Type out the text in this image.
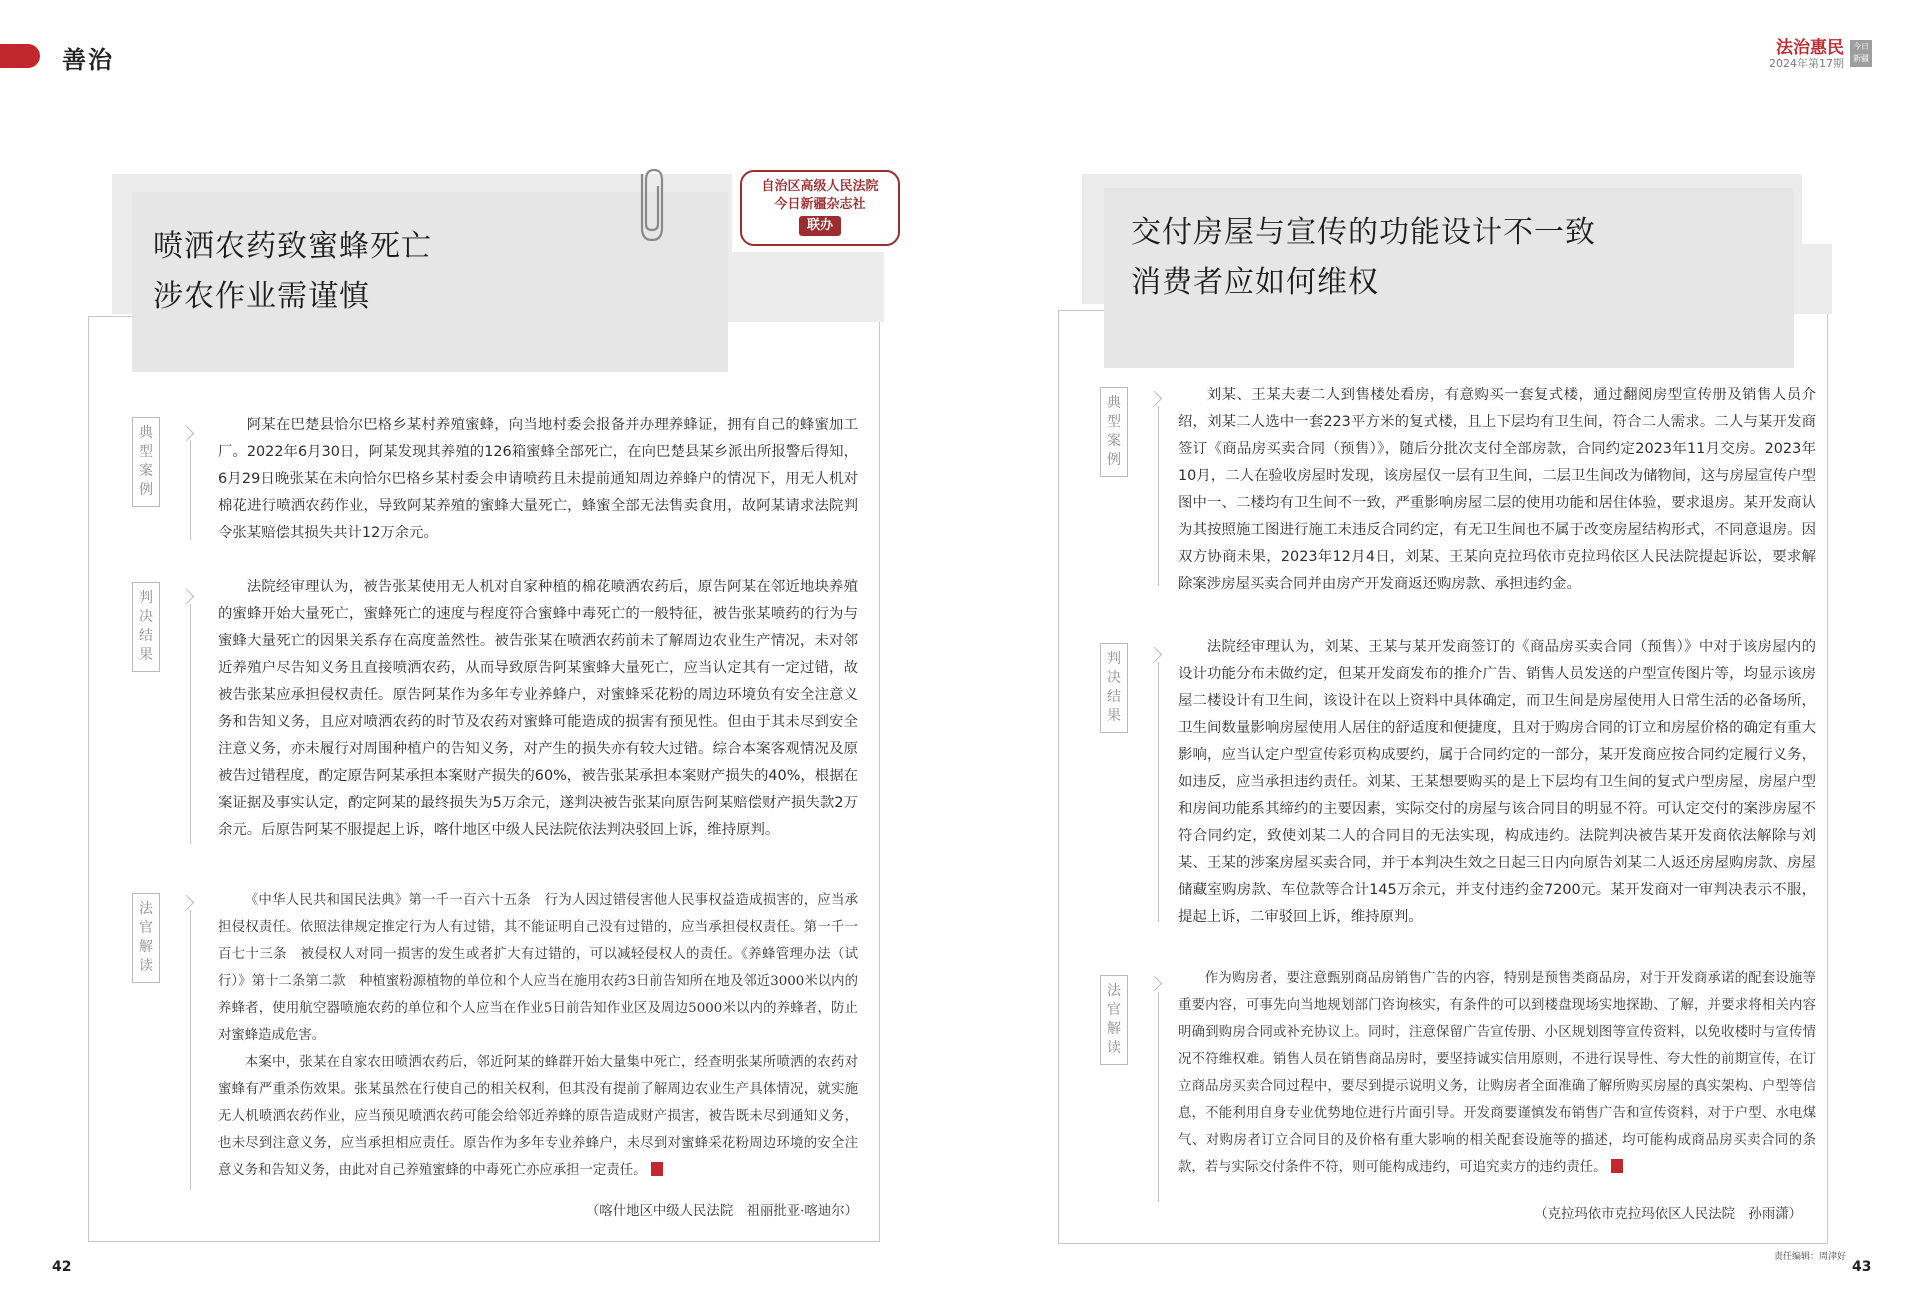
善治	法治惠民
2024年第17期
今日新疆
喷洒农药致蜜蜂死亡
涉农作业需谨慎
自治区高级人民法院
今日新疆杂志社
联办
典型案例
判决结果
法官解读

阿某在巴楚县恰尔巴格乡某村养殖蜜蜂，向当地村委会报备并办理养蜂证，拥有自己的蜂蜜加工厂。2022年6月30日，阿某发现其养殖的126箱蜜蜂全部死亡，在向巴楚县某乡派出所报警后得知，6月29日晚张某在未向恰尔巴格乡某村委会申请喷药且未提前通知周边养蜂户的情况下，用无人机对棉花进行喷洒农药作业，导致阿某养殖的蜜蜂大量死亡，蜂蜜全部无法售卖食用，故阿某请求法院判令张某赔偿其损失共计12万余元。

法院经审理认为，被告张某使用无人机对自家种植的棉花喷洒农药后，原告阿某在邻近地块养殖的蜜蜂开始大量死亡，蜜蜂死亡的速度与程度符合蜜蜂中毒死亡的一般特征，被告张某喷药的行为与蜜蜂大量死亡的因果关系存在高度盖然性。被告张某在喷洒农药前未了解周边农业生产情况，未对邻近养殖户尽告知义务且直接喷洒农药，从而导致原告阿某蜜蜂大量死亡，应当认定其有一定过错，故被告张某应承担侵权责任。原告阿某作为多年专业养蜂户，对蜜蜂采花粉的周边环境负有安全注意义务和告知义务，且应对喷洒农药的时节及农药对蜜蜂可能造成的损害有预见性。但由于其未尽到安全注意义务，亦未履行对周围种植户的告知义务，对产生的损失亦有较大过错。综合本案客观情况及原被告过错程度，酌定原告阿某承担本案财产损失的60%，被告张某承担本案财产损失的40%，根据在案证据及事实认定，酌定阿某的最终损失为5万余元，遂判决被告张某向原告阿某赔偿财产损失款2万余元。后原告阿某不服提起上诉，喀什地区中级人民法院依法判决驳回上诉，维持原判。

《中华人民共和国民法典》第一千一百六十五条　行为人因过错侵害他人民事权益造成损害的，应当承担侵权责任。依照法律规定推定行为人有过错，其不能证明自己没有过错的，应当承担侵权责任。第一千一百七十三条　被侵权人对同一损害的发生或者扩大有过错的，可以减轻侵权人的责任。《养蜂管理办法（试行）》第十二条第二款　种植蜜粉源植物的单位和个人应当在施用农药3日前告知所在地及邻近3000米以内的养蜂者，使用航空器喷施农药的单位和个人应当在作业5日前告知作业区及周边5000米以内的养蜂者，防止对蜜蜂造成危害。

本案中，张某在自家农田喷洒农药后，邻近阿某的蜂群开始大量集中死亡，经查明张某所喷洒的农药对蜜蜂有严重杀伤效果。张某虽然在行使自己的相关权利，但其没有提前了解周边农业生产具体情况，就实施无人机喷洒农药作业，应当预见喷洒农药可能会给邻近养蜂的原告造成财产损害，被告既未尽到通知义务，也未尽到注意义务，应当承担相应责任。原告作为多年专业养蜂户，未尽到对蜜蜂采花粉周边环境的安全注意义务和告知义务，由此对自己养殖蜜蜂的中毒死亡亦应承担一定责任。

（喀什地区中级人民法院　祖丽批亚·喀迪尔）
交付房屋与宣传的功能设计不一致
消费者应如何维权
典型案例
判决结果
法官解读

刘某、王某夫妻二人到售楼处看房，有意购买一套复式楼，通过翻阅房型宣传册及销售人员介绍，刘某二人选中一套223平方米的复式楼，且上下层均有卫生间，符合二人需求。二人与某开发商签订《商品房买卖合同（预售）》，随后分批次支付全部房款，合同约定2023年11月交房。2023年10月，二人在验收房屋时发现，该房屋仅一层有卫生间，二层卫生间改为储物间，这与房屋宣传户型图中一、二楼均有卫生间不一致，严重影响房屋二层的使用功能和居住体验，要求退房。某开发商认为其按照施工图进行施工未违反合同约定，有无卫生间也不属于改变房屋结构形式，不同意退房。因双方协商未果，2023年12月4日，刘某、王某向克拉玛依市克拉玛依区人民法院提起诉讼，要求解除案涉房屋买卖合同并由房产开发商返还购房款、承担违约金。

法院经审理认为，刘某、王某与某开发商签订的《商品房买卖合同（预售）》中对于该房屋内的设计功能分布未做约定，但某开发商发布的推介广告、销售人员发送的户型宣传图片等，均显示该房屋二楼设计有卫生间，该设计在以上资料中具体确定，而卫生间是房屋使用人日常生活的必备场所，卫生间数量影响房屋使用人居住的舒适度和便捷度，且对于购房合同的订立和房屋价格的确定有重大影响，应当认定户型宣传彩页构成要约，属于合同约定的一部分，某开发商应按合同约定履行义务，如违反，应当承担违约责任。刘某、王某想要购买的是上下层均有卫生间的复式户型房屋，房屋户型和房间功能系其缔约的主要因素，实际交付的房屋与该合同目的明显不符。可认定交付的案涉房屋不符合同约定，致使刘某二人的合同目的无法实现，构成违约。法院判决被告某开发商依法解除与刘某、王某的涉案房屋买卖合同，并于本判决生效之日起三日内向原告刘某二人返还房屋购房款、房屋储藏室购房款、车位款等合计145万余元，并支付违约金7200元。某开发商对一审判决表示不服，提起上诉，二审驳回上诉，维持原判。

作为购房者，要注意甄别商品房销售广告的内容，特别是预售类商品房，对于开发商承诺的配套设施等重要内容，可事先向当地规划部门咨询核实，有条件的可以到楼盘现场实地探勘、了解，并要求将相关内容明确到购房合同或补充协议上。同时，注意保留广告宣传册、小区规划图等宣传资料，以免收楼时与宣传情况不符维权难。销售人员在销售商品房时，要坚持诚实信用原则，不进行误导性、夸大性的前期宣传，在订立商品房买卖合同过程中，要尽到提示说明义务，让购房者全面准确了解所购买房屋的真实架构、户型等信息，不能利用自身专业优势地位进行片面引导。开发商要谨慎发布销售广告和宣传资料，对于户型、水电煤气、对购房者订立合同目的及价格有重大影响的相关配套设施等的描述，均可能构成商品房买卖合同的条款，若与实际交付条件不符，则可能构成违约，可追究卖方的违约责任。

（克拉玛依市克拉玛依区人民法院　孙雨潇）
42
责任编辑：周津好
43
